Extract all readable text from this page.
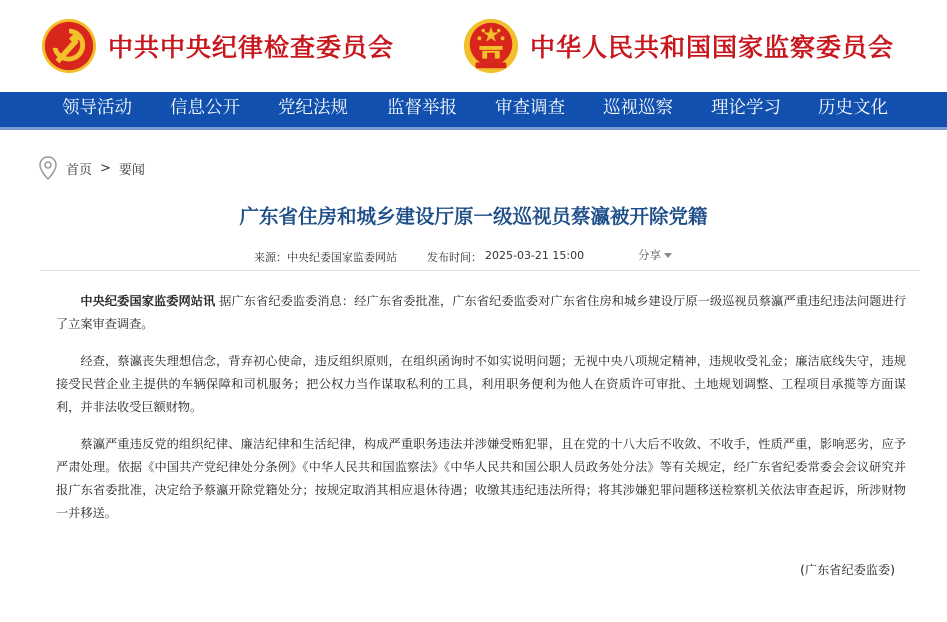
中共中央纪律检查委员会	中华人民共和国国家监察委员会
领导活动 信息公开 党纪法规 监督举报 审查调查 巡视巡察 理论学习 历史文化
首页 > 要闻
广东省住房和城乡建设厅原一级巡视员蔡瀛被开除党籍
来源： 中央纪委国家监委网站	发布时间： 2025-03-21 15:00	分享

中央纪委国家监委网站讯 据广东省纪委监委消息：经广东省委批准，广东省纪委监委对广东省住房和城乡建设厅原一级巡视员蔡瀛严重违纪违法问题进行了立案审查调查。

经查，蔡瀛丧失理想信念，背弃初心使命，违反组织原则，在组织函询时不如实说明问题；无视中央八项规定精神，违规收受礼金；廉洁底线失守，违规接受民营企业主提供的车辆保障和司机服务；把公权力当作谋取私利的工具，利用职务便利为他人在资质许可审批、土地规划调整、工程项目承揽等方面谋利，并非法收受巨额财物。

蔡瀛严重违反党的组织纪律、廉洁纪律和生活纪律，构成严重职务违法并涉嫌受贿犯罪，且在党的十八大后不收敛、不收手，性质严重，影响恶劣，应予严肃处理。依据《中国共产党纪律处分条例》《中华人民共和国监察法》《中华人民共和国公职人员政务处分法》等有关规定，经广东省纪委常委会会议研究并报广东省委批准，决定给予蔡瀛开除党籍处分；按规定取消其相应退休待遇；收缴其违纪违法所得；将其涉嫌犯罪问题移送检察机关依法审查起诉，所涉财物一并移送。

(广东省纪委监委)
